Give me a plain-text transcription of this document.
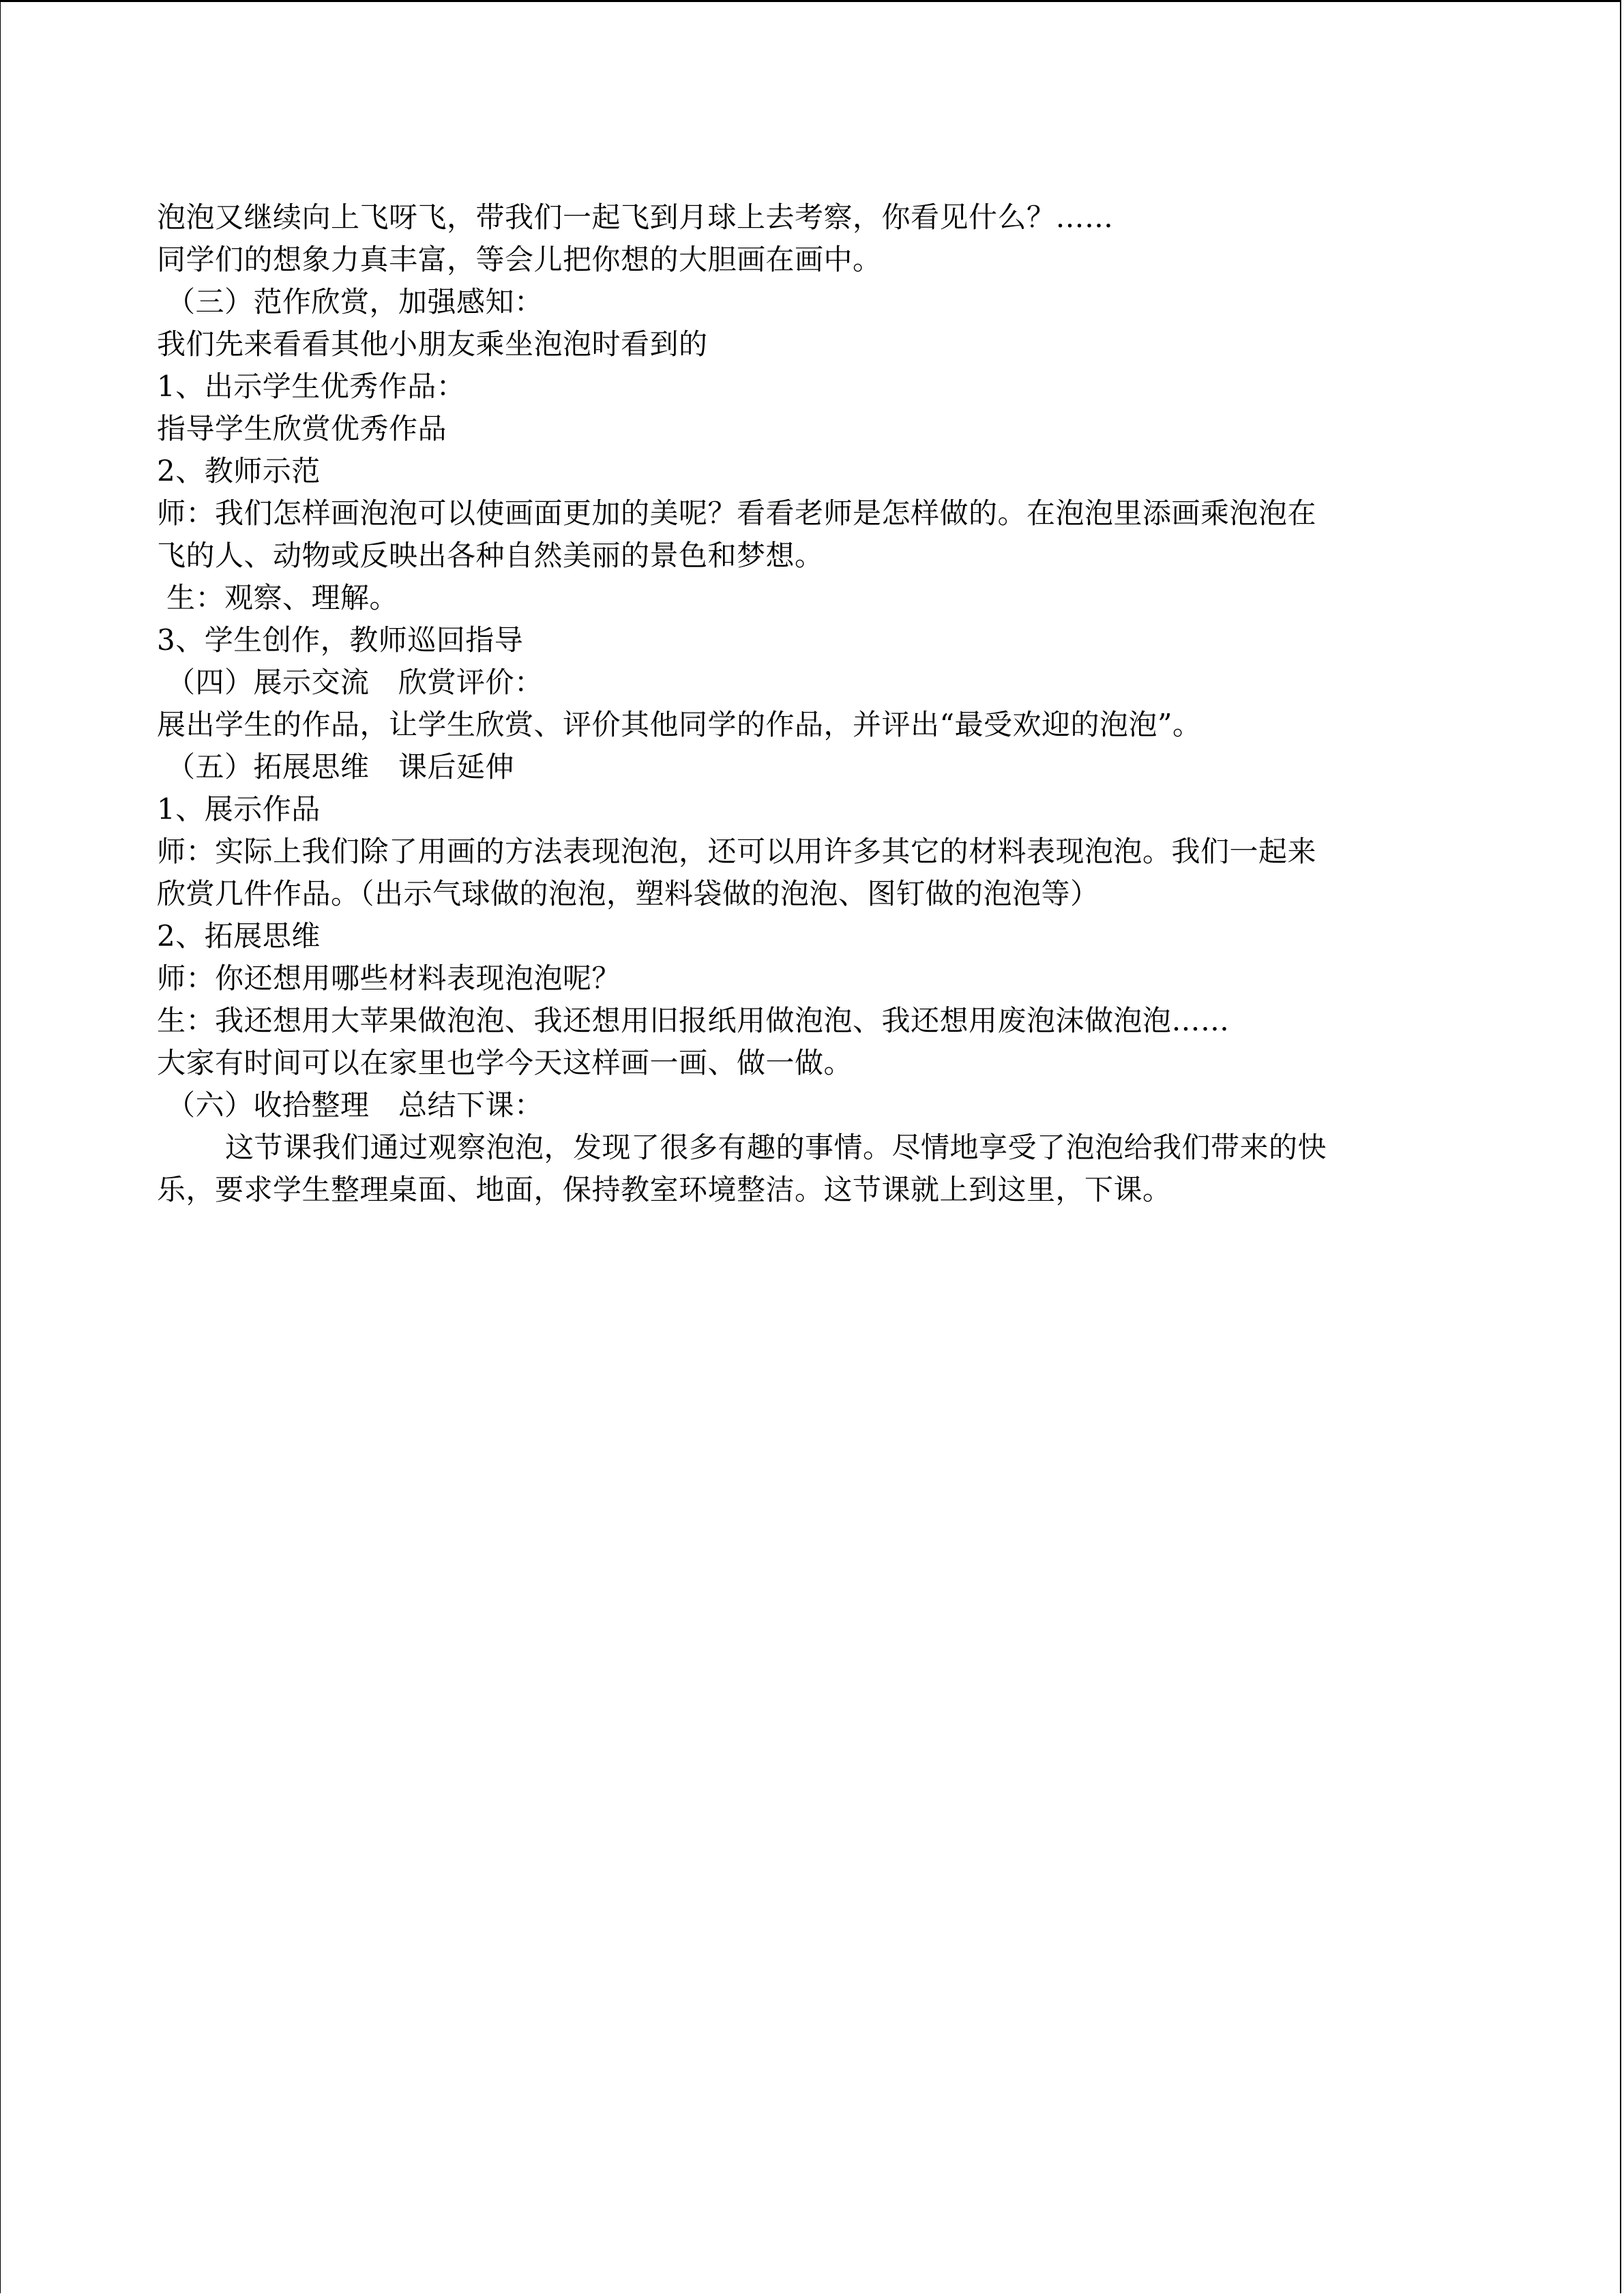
泡泡又继续向上飞呀飞，带我们一起飞到月球上去考察，你看见什么？……
同学们的想象力真丰富，等会儿把你想的大胆画在画中。
（三）范作欣赏，加强感知：
我们先来看看其他小朋友乘坐泡泡时看到的
1、出示学生优秀作品：
指导学生欣赏优秀作品
2、教师示范
师：我们怎样画泡泡可以使画面更加的美呢？看看老师是怎样做的。在泡泡里添画乘泡泡在
飞的人、动物或反映出各种自然美丽的景色和梦想。
生：观察、理解。
3、学生创作，教师巡回指导
（四）展示交流　欣赏评价：
展出学生的作品，让学生欣赏、评价其他同学的作品，并评出“最受欢迎的泡泡”。
（五）拓展思维　课后延伸
1、展示作品
师：实际上我们除了用画的方法表现泡泡，还可以用许多其它的材料表现泡泡。我们一起来
欣赏几件作品。（出示气球做的泡泡，塑料袋做的泡泡、图钉做的泡泡等）
2、拓展思维
师：你还想用哪些材料表现泡泡呢？
生：我还想用大苹果做泡泡、我还想用旧报纸用做泡泡、我还想用废泡沫做泡泡……
大家有时间可以在家里也学今天这样画一画、做一做。
（六）收拾整理　总结下课：
这节课我们通过观察泡泡，发现了很多有趣的事情。尽情地享受了泡泡给我们带来的快
乐，要求学生整理桌面、地面，保持教室环境整洁。这节课就上到这里，下课。
